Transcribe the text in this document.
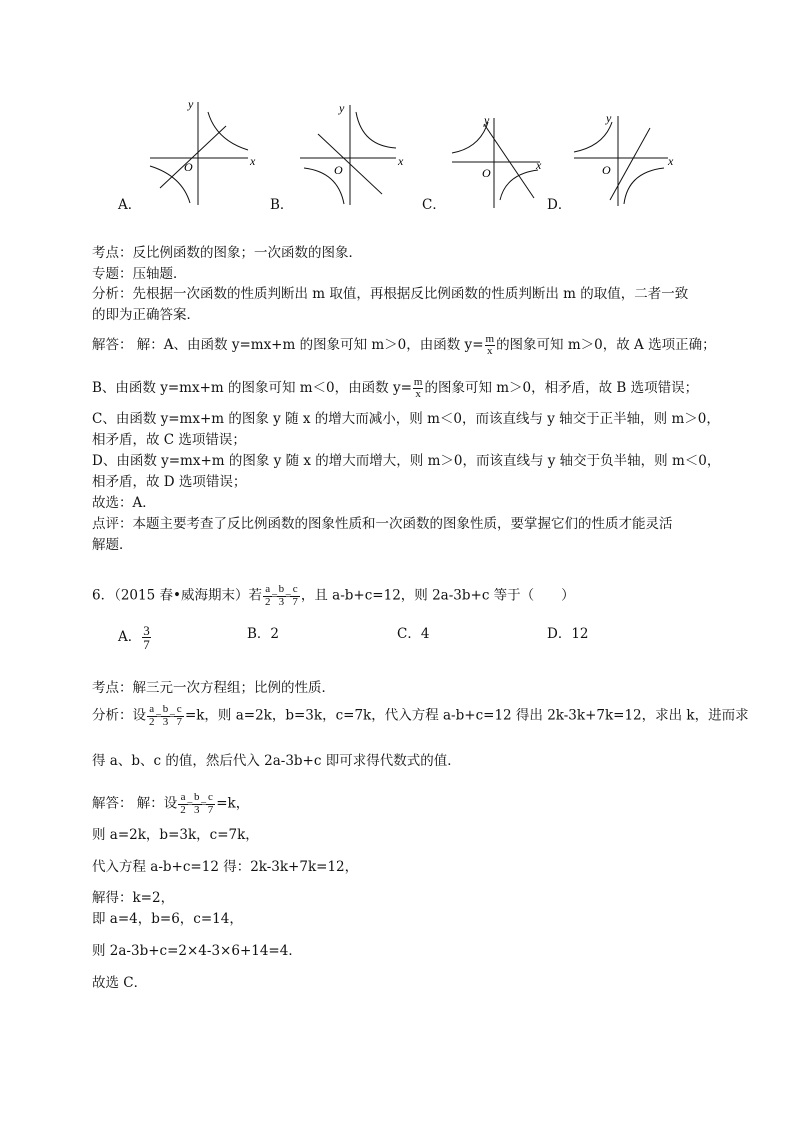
y
x
O
y
x
O
y
x
O
y
x
O
A．	B．	C．	D．
考点：反比例函数的图象；一次函数的图象．
专题：压轴题．
分析：先根据一次函数的性质判断出 m 取值，再根据反比例函数的性质判断出 m 的取值，二者一致
的即为正确答案．
解答： 解：A、由函数 y=mx+m 的图象可知 m＞0，由函数 $y= \frac{m}{x}$ 的图象可知 m＞0，故 A 选项正确；
B、由函数 y=mx+m 的图象可知 m＜0，由函数 $y= \frac{m}{x}$ 的图象可知 m＞0，相矛盾，故 B 选项错误；
C、由函数 y=mx+m 的图象 y 随 x 的增大而减小，则 m＜0，而该直线与 y 轴交于正半轴，则 m＞0，
相矛盾，故 C 选项错误；
D、由函数 y=mx+m 的图象 y 随 x 的增大而增大，则 m＞0，而该直线与 y 轴交于负半轴，则 m＜0，
相矛盾，故 D 选项错误；
故选：A．
点评：本题主要考查了反比例函数的图象性质和一次函数的图象性质，要掌握它们的性质才能灵活
解题．
6．（2015 春•威海期末）若 $\frac{a}{2} = \frac{b}{3} = \frac{c}{7}$ ，且 a-b+c=12，则 2a-3b+c 等于（　　）
A． $\frac{3}{7}$	B．2	C．4	D．12
考点：解三元一次方程组；比例的性质．
分析：设 $\frac{a}{2} = \frac{b}{3} = \frac{c}{7} =k$，则 a=2k，b=3k，c=7k，代入方程 a-b+c=12 得出 2k-3k+7k=12，求出 k，进而求
得 a、b、c 的值，然后代入 2a-3b+c 即可求得代数式的值．
解答： 解：设 $\frac{a}{2} = \frac{b}{3} = \frac{c}{7} =k$，
则 a=2k，b=3k，c=7k，
代入方程 a-b+c=12 得：2k-3k+7k=12，
解得：k=2，
即 a=4，b=6，c=14，
则 2a-3b+c=2×4-3×6+14=4．
故选 C．
